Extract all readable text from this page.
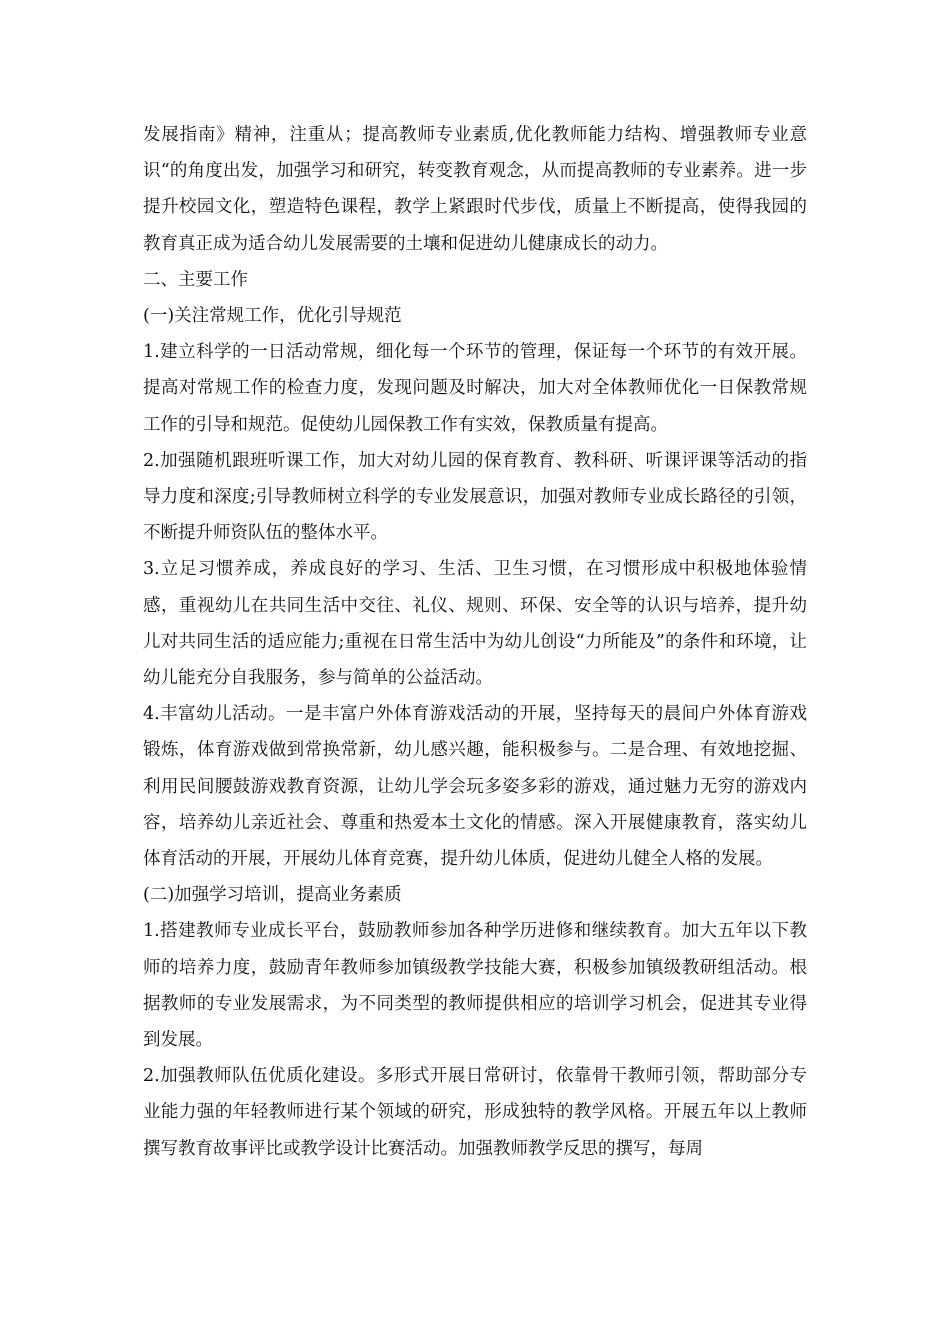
发展指南》精神，注重从；提高教师专业素质,优化教师能力结构、增强教师专业意识“的角度出发，加强学习和研究，转变教育观念，从而提高教师的专业素养。进一步提升校园文化，塑造特色课程，教学上紧跟时代步伐，质量上不断提高，使得我园的教育真正成为适合幼儿发展需要的土壤和促进幼儿健康成长的动力。

二、主要工作

(一)关注常规工作，优化引导规范

1.建立科学的一日活动常规，细化每一个环节的管理，保证每一个环节的有效开展。提高对常规工作的检查力度，发现问题及时解决，加大对全体教师优化一日保教常规工作的引导和规范。促使幼儿园保教工作有实效，保教质量有提高。

2.加强随机跟班听课工作，加大对幼儿园的保育教育、教科研、听课评课等活动的指导力度和深度;引导教师树立科学的专业发展意识，加强对教师专业成长路径的引领，不断提升师资队伍的整体水平。

3.立足习惯养成，养成良好的学习、生活、卫生习惯，在习惯形成中积极地体验情感，重视幼儿在共同生活中交往、礼仪、规则、环保、安全等的认识与培养，提升幼儿对共同生活的适应能力;重视在日常生活中为幼儿创设“力所能及”的条件和环境，让幼儿能充分自我服务，参与简单的公益活动。

4.丰富幼儿活动。一是丰富户外体育游戏活动的开展，坚持每天的晨间户外体育游戏锻炼，体育游戏做到常换常新，幼儿感兴趣，能积极参与。二是合理、有效地挖掘、利用民间腰鼓游戏教育资源，让幼儿学会玩多姿多彩的游戏，通过魅力无穷的游戏内容，培养幼儿亲近社会、尊重和热爱本土文化的情感。深入开展健康教育，落实幼儿体育活动的开展，开展幼儿体育竞赛，提升幼儿体质，促进幼儿健全人格的发展。

(二)加强学习培训，提高业务素质

1.搭建教师专业成长平台，鼓励教师参加各种学历进修和继续教育。加大五年以下教师的培养力度，鼓励青年教师参加镇级教学技能大赛，积极参加镇级教研组活动。根据教师的专业发展需求，为不同类型的教师提供相应的培训学习机会，促进其专业得到发展。

2.加强教师队伍优质化建设。多形式开展日常研讨，依靠骨干教师引领，帮助部分专业能力强的年轻教师进行某个领域的研究，形成独特的教学风格。开展五年以上教师撰写教育故事评比或教学设计比赛活动。加强教师教学反思的撰写，每周
